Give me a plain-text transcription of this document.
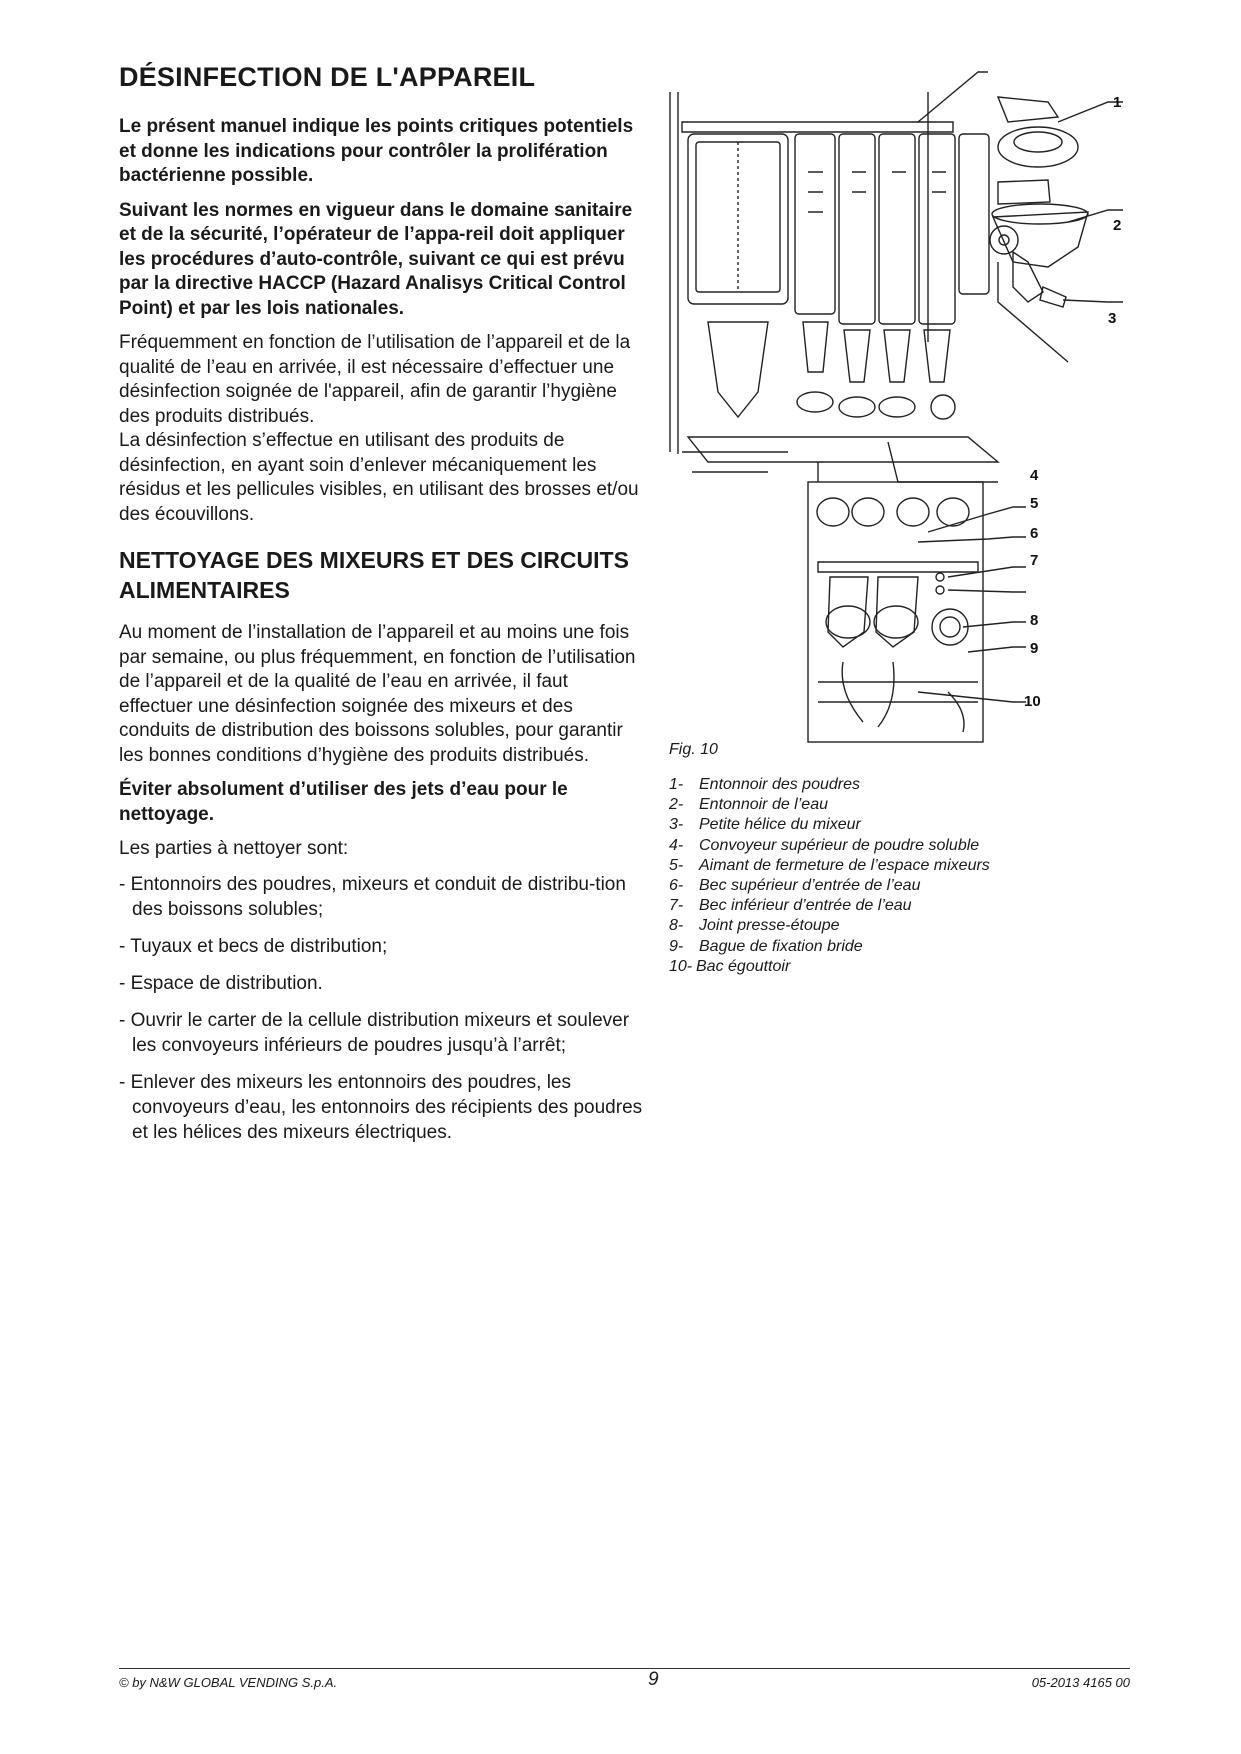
DÉSINFECTION DE L'APPAREIL

Le présent manuel indique les points critiques potentiels et donne les indications pour contrôler la prolifération bactérienne possible.

Suivant les normes en vigueur dans le domaine sanitaire et de la sécurité, l’opérateur de l’appa-reil doit appliquer les procédures d’auto-contrôle, suivant ce qui est prévu par la directive HACCP (Hazard Analisys Critical Control Point) et par les lois nationales.

Fréquemment en fonction de l’utilisation de l’appareil et de la qualité de l’eau en arrivée, il est nécessaire d’effectuer une désinfection soignée de l'appareil, afin de garantir l’hygiène des produits distribués.

La désinfection s’effectue en utilisant des produits de désinfection, en ayant soin d’enlever mécaniquement les résidus et les pellicules visibles, en utilisant des brosses et/ou des écouvillons.

NETTOYAGE DES MIXEURS ET DES CIRCUITS ALIMENTAIRES

Au moment de l’installation de l’appareil et au moins une fois par semaine, ou plus fréquemment, en fonction de l’utilisation de l’appareil et de la qualité de l’eau en arrivée, il faut effectuer une désinfection soignée des mixeurs et des conduits de distribution des boissons solubles, pour garantir les bonnes conditions d’hygiène des produits distribués.

Éviter absolument d’utiliser des jets d’eau pour le nettoyage.

Les parties à nettoyer sont:

- Entonnoirs des poudres, mixeurs et conduit de distribu-tion des boissons solubles;
- Tuyaux et becs de distribution;
- Espace de distribution.
- Ouvrir le carter de la cellule distribution mixeurs et soulever les convoyeurs inférieurs de poudres jusqu’à l’arrêt;
- Enlever des mixeurs les entonnoirs des poudres, les convoyeurs d’eau, les entonnoirs des récipients des poudres et les hélices des mixeurs électriques.
1
2
3
4
5
6
7
8
9
10
Fig. 10
1- Entonnoir des poudres
2- Entonnoir de l’eau
3- Petite hélice du mixeur
4- Convoyeur supérieur de poudre soluble
5- Aimant de fermeture de l’espace mixeurs
6- Bec supérieur d’entrée de l’eau
7- Bec inférieur d’entrée de l’eau
8- Joint presse-étoupe
9- Bague de fixation bride
10- Bac égouttoir
© by N&W GLOBAL VENDING S.p.A.	9	05-2013 4165 00
